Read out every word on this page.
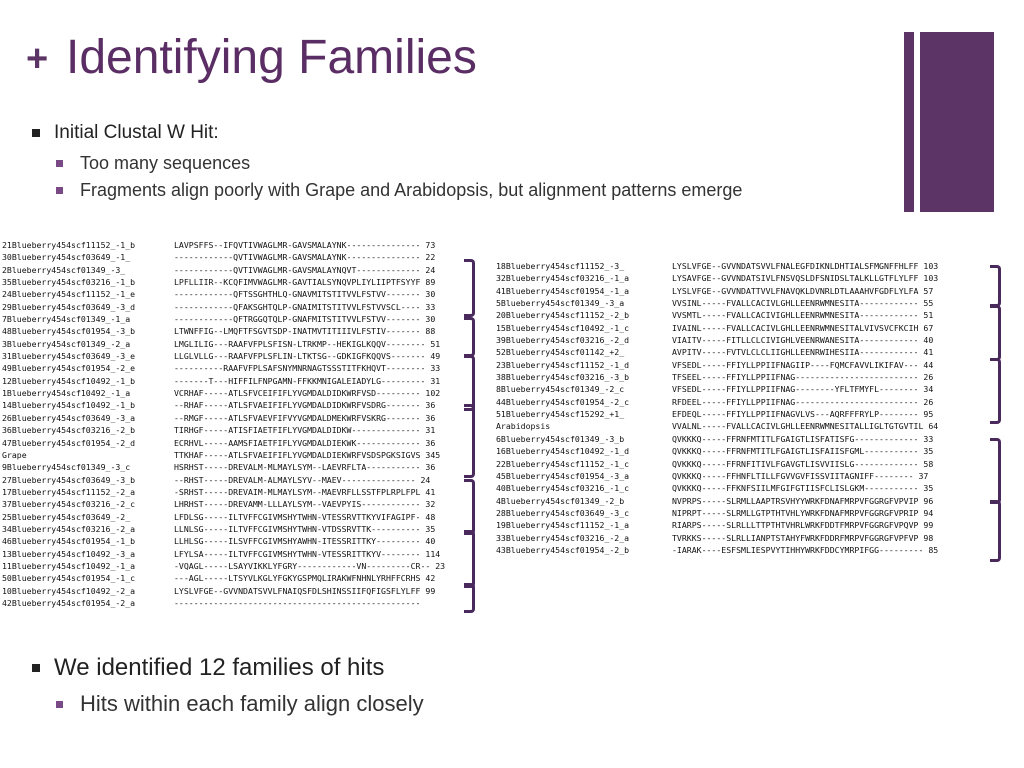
+ Identifying Families
Initial Clustal W Hit:
Too many sequences
Fragments align poorly with Grape and Arabidopsis, but alignment patterns emerge
21Blueberry454scf11152_-1_b	LAVPSFFS--IFQVTIVWAGLMR-GAVSMALAYNK--------------- 73
30Blueberry454scf03649_-1_	------------QVTIVWAGLMR-GAVSMALAYNK--------------- 22
2Blueberry454scf01349_-3_	------------QVTIVWAGLMR-GAVSMALAYNQVT------------- 24
35Blueberry454scf03216_-1_b	LPFLLIIR--KCQFIMVWAGLMR-GAVTIALSYNQVPLIYLIIPTFSYYF 89
24Blueberry454scf11152_-1_e	------------QFTSSGHTHLQ-GNAVMITSTITVVLFSTVV------- 30
29Blueberry454scf03649_-3_d	------------QFAKSGHTQLP-GNAIMITSTITVVLFSTVVSCL---- 33
7Blueberry454scf01349_-1_a	------------QFTRGGQTQLP-GNAFMITSTITVVLFSTVV------- 30
48Blueberry454scf01954_-3_b	LTWNFFIG--LMQFTFSGVTSDP-INATMVTITIIIVLFSTIV------- 88
3Blueberry454scf01349_-2_a	LMGLILIG---RAAFVFPLSFISN-LTRKMP--HEKIGLKQQV-------- 51
31Blueberry454scf03649_-3_e	LLGLVLLG---RAAFVFPLSFLIN-LTKTSG--GDKIGFKQQVS------- 49
49Blueberry454scf01954_-2_e	----------RAAFVFPLSAFSNYMNRNAGTSSSTITFKHQVT-------- 33
12Blueberry454scf10492_-1_b	-------T---HIFFILFNPGAMN-FFKKMNIGALEIADYLG--------- 31
1Blueberry454scf10492_-1_a	VCRHAF-----ATLSFVCEIFIFLYVGMDALDIDKWRFVSD--------- 102
14Blueberry454scf10492_-1_b	--RHAF-----ATLSFVAEIFIFLYVGMDALDIDKWRFVSDRG------- 36
26Blueberry454scf03649_-3_a	--RMGF-----ATLSFVAEVFIFVYVGMDALDMEKWRFVSKRG------- 36
36Blueberry454scf03216_-2_b	TIRHGF-----ATISFIAETFIFLYVGMDALDIDKW-------------- 31
47Blueberry454scf01954_-2_d	ECRHVL-----AAMSFIAETFIFLYVGMDALDIEKWK------------- 36
Grape	TTKHAF-----ATLSFVAEIFIFLYVGMDALDIEKWRFVSDSPGKSIGVS 345
9Blueberry454scf01349_-3_c	HSRHST-----DREVALM-MLMAYLSYM--LAEVRFLTA----------- 36
27Blueberry454scf03649_-3_b	--RHST-----DREVALM-ALMAYLSYV--MAEV--------------- 24
17Blueberry454scf11152_-2_a	-SRHST-----DREVAIM-MLMAYLSYM--MAEVRFLLSSTFPLRPLFPL 41
37Blueberry454scf03216_-2_c	LHRHST-----DREVAMM-LLLAYLSYM--VAEVPYIS------------ 32
25Blueberry454scf03649_-2_	LFDLSG-----ILTVFFCGIVMSHYTWHN-VTESSRVTTKYVIFAGIPF- 48
34Blueberry454scf03216_-2_a	LLNLSG-----ILTVFFCGIVMSHYTWHN-VTDSSRVTTK---------- 35
46Blueberry454scf01954_-1_b	LLHLSG-----ILSVFFCGIVMSHYAWHN-ITESSRITTKY--------- 40
13Blueberry454scf10492_-3_a	LFYLSA-----ILTVFFCGIVMSHYTWHN-VTESSRITTKYV-------- 114
11Blueberry454scf10492_-1_a	-VQAGL-----LSAYVIKKLYFGRY------------VN---------CR-- 23
50Blueberry454scf01954_-1_c	---AGL-----LTSYVLKGLYFGKYGSPMQLIRAKWFNHNLYRHFFCRHS 42
10Blueberry454scf10492_-2_a	LYSLVFGE--GVVNDATSVVLFNAIQSFDLSHINSSIIFQFIGSFLYLFF 99
42Blueberry454scf01954_-2_a	--------------------------------------------------
18Blueberry454scf11152_-3_	LYSLVFGE--GVVNDATSVVLFNALEGFDIKNLDHTIALSFMGNFFHLFF 103
32Blueberry454scf03216_-1_a	LYSAVFGE--GVVNDATSIVLFNSVQSLDFSNIDSLTALKLLGTFLYLFF 103
41Blueberry454scf01954_-1_a	LYSLVFGE--GVVNDATTVVLFNAVQKLDVNRLDTLAAAHVFGDFLYLFA 57
5Blueberry454scf01349_-3_a	VVSINL-----FVALLCACIVLGHLLEENRWMNESITA------------ 55
20Blueberry454scf11152_-2_b	VVSMTL-----FVALLCACIVIGHLLEENRWMNESITA------------ 51
15Blueberry454scf10492_-1_c	IVAINL-----FVALLCACIVLGHLLEENRWMNESITALVIVSVCFKCIH 67
39Blueberry454scf03216_-2_d	VIAITV-----FITLLCLCIVIGHLVEENRWANESITA------------ 40
52Blueberry454scf01142_+2_	AVPITV-----FVTVLCLCLIIGHLLEENRWIHESIIA------------ 41
23Blueberry454scf11152_-1_d	VFSEDL-----FFIYLLPPIIFNAGIIP----FQMCFAVVLIKIFAV--- 44
38Blueberry454scf03216_-3_b	TFSEEL-----FFIYLLPPIIFNAG------------------------- 26
8Blueberry454scf01349_-2_c	VFSEDL-----FFIYLLPPIIFNAG--------YFLTFMYFL-------- 34
44Blueberry454scf01954_-2_c	RFDEEL-----FFIYLLPPIIFNAG------------------------- 26
51Blueberry454scf15292_+1_	EFDEQL-----FFIYLLPPIIFNAGVLVS---AQRFFFRYLP-------- 95
Arabidopsis	VVALNL-----FVALLCACIVLGHLLEENRWMNESITALLIGLTGTGVTIL 64
6Blueberry454scf01349_-3_b	QVKKKQ-----FFRNFMTITLFGAIGTLISFATISFG------------- 33
16Blueberry454scf10492_-1_d	QVKKKQ-----FFRNFMTITLFGAIGTLISFAIISFGML----------- 35
22Blueberry454scf11152_-1_c	QVKKKQ-----FFRNFITIVLFGAVGTLISVVIISLG------------- 58
45Blueberry454scf01954_-3_a	QVKKKQ-----FFHNFLTILLFGVVGVFISSVIITAGNIFF-------- 37
40Blueberry454scf03216_-1_c	QVKKKQ-----FFKNFSIILMFGIFGTIISFCLISLGKM----------- 35
4Blueberry454scf01349_-2_b	NVPRPS-----SLRMLLAAPTRSVHYYWRKFDNAFMRPVFGGRGFVPVIP 96
28Blueberry454scf03649_-3_c	NIPRPT-----SLRMLLGTPTHTVHLYWRKFDNAFMRPVFGGRGFVPRIP 94
19Blueberry454scf11152_-1_a	RIARPS-----SLRLLLTTPTHTVHRLWRKFDDTFMRPVFGGRGFVPQVP 99
33Blueberry454scf03216_-2_a	TVRKKS-----SLRLLIANPTSTAHYFWRKFDDRFMRPVFGGRGFVPFVP 98
43Blueberry454scf01954_-2_b	-IARAK----ESFSMLIESPVYTIHHYWRKFDDCYMRPIFGG--------- 85
We identified 12 families of hits
Hits within each family align closely
